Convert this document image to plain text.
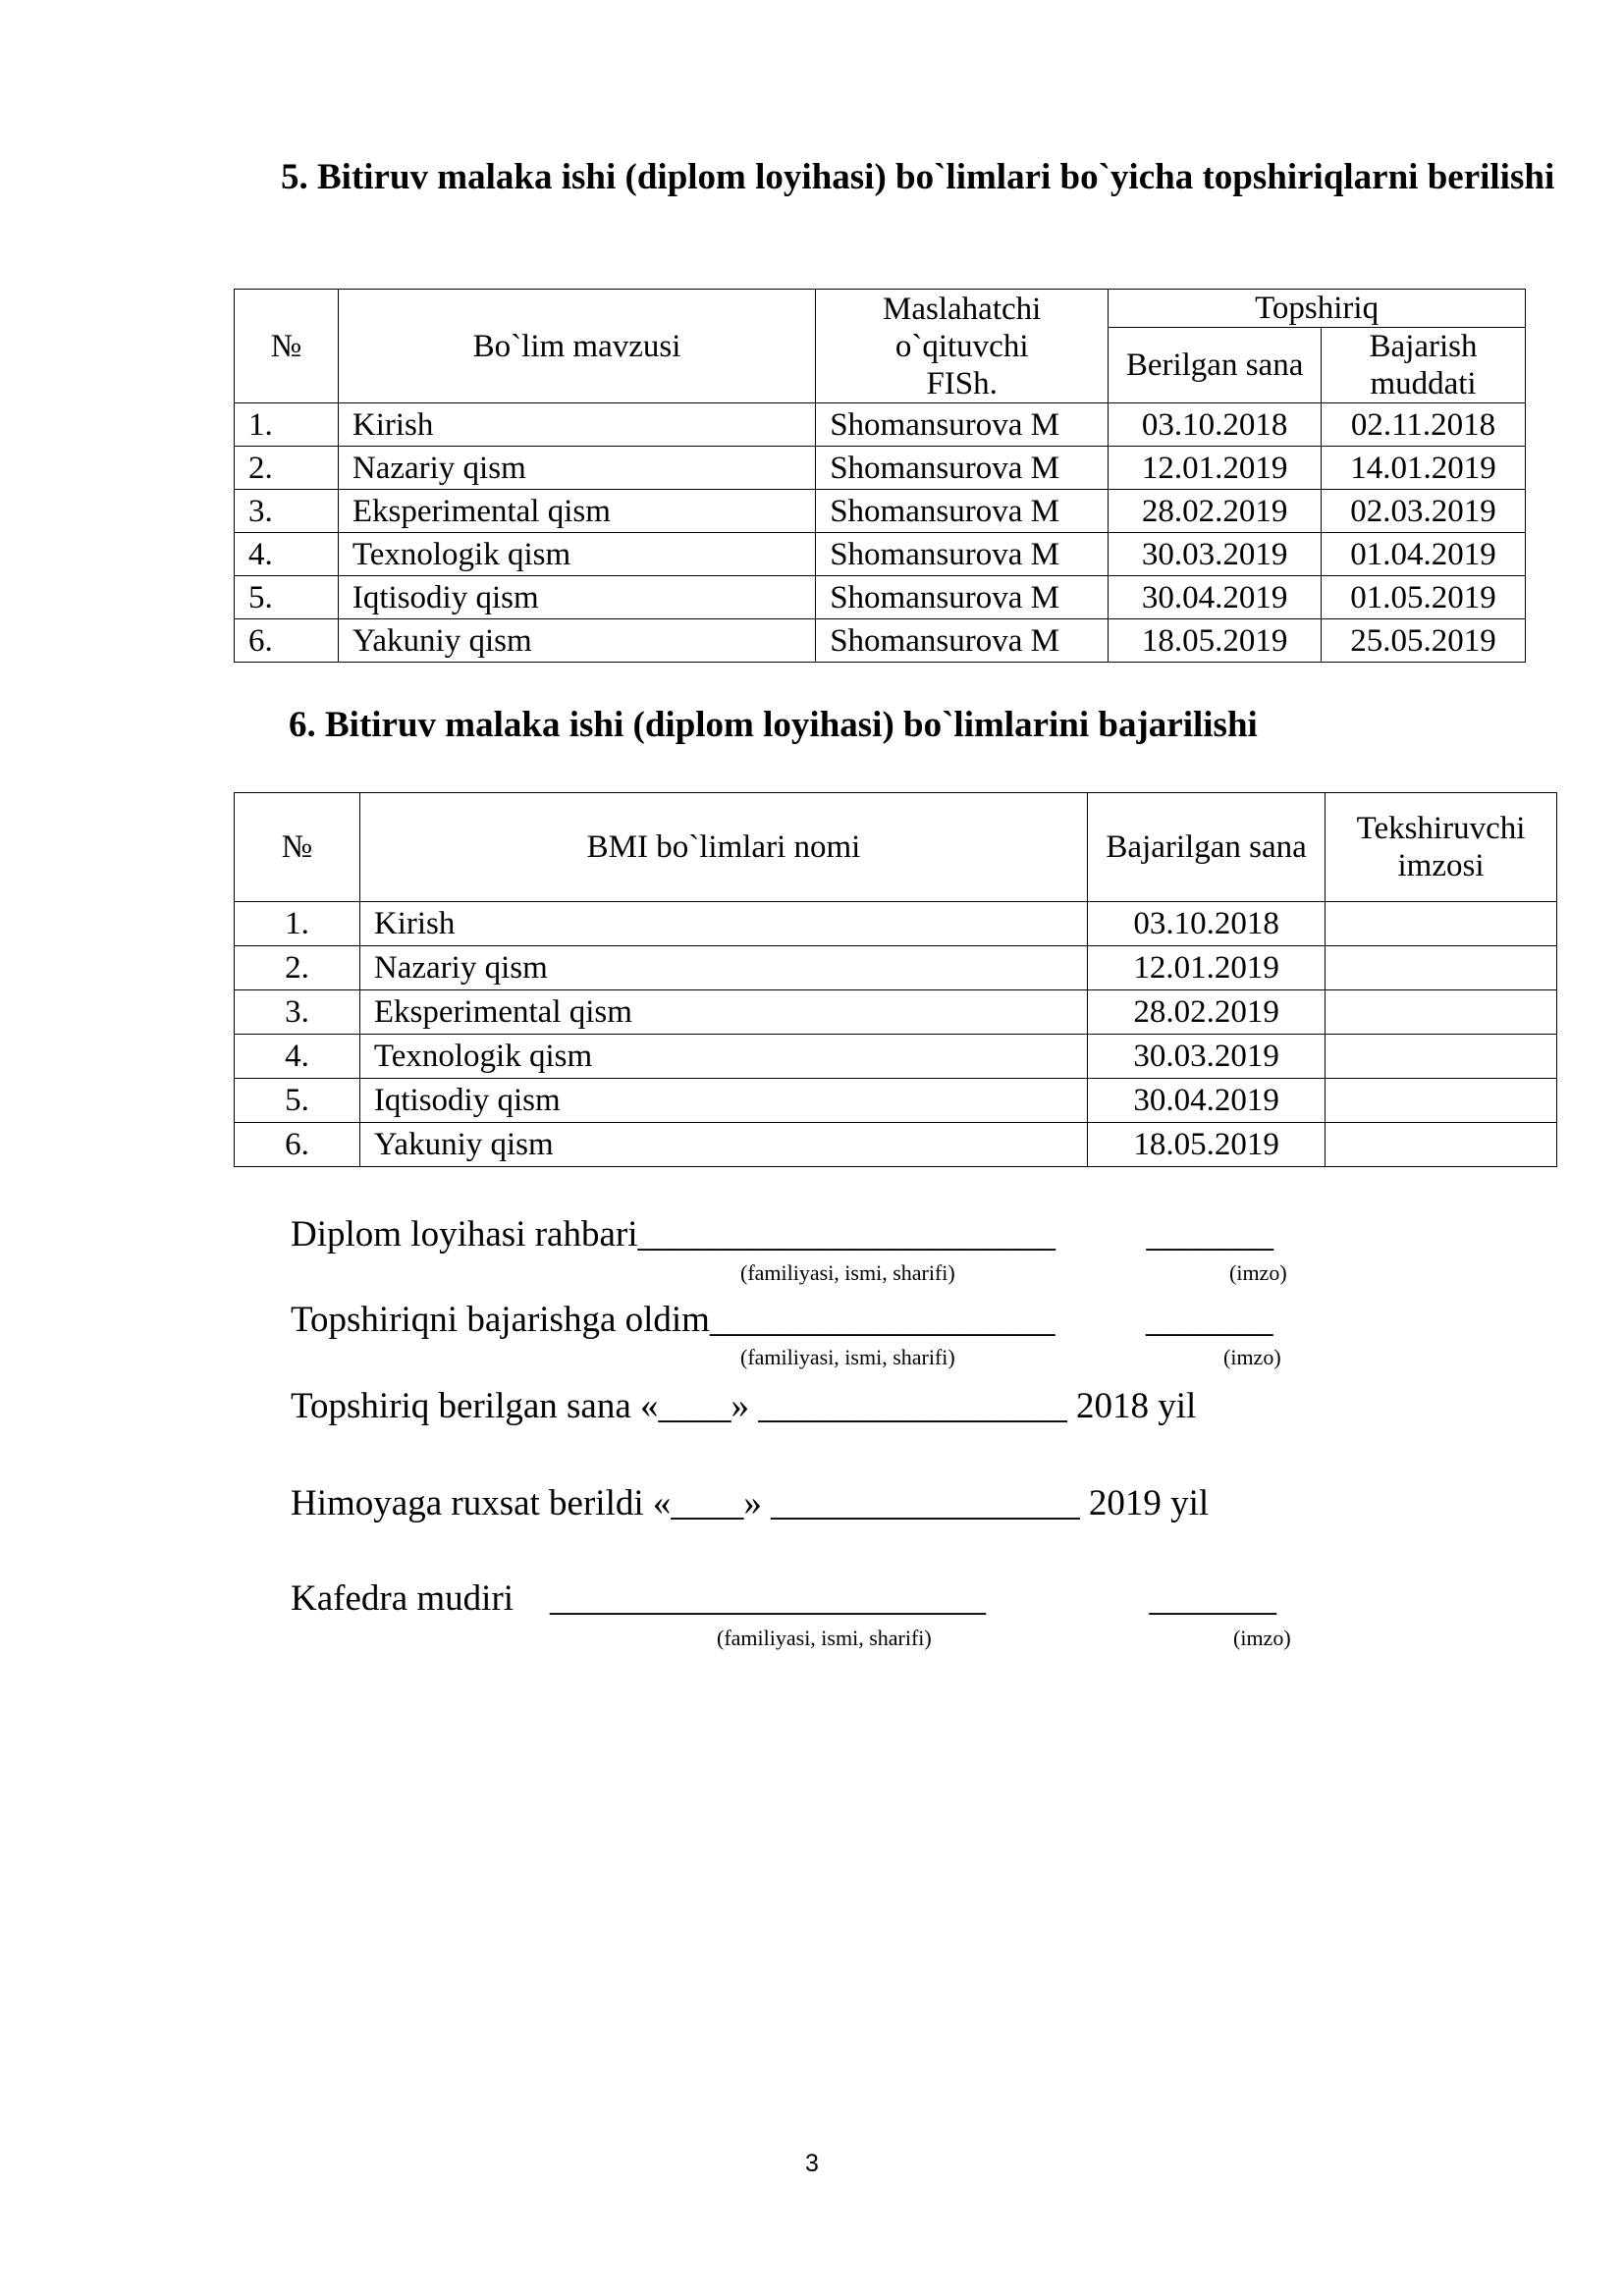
5. Bitiruv malaka ishi (diplom loyihasi) bo`limlari bo`yicha topshiriqlarni berilishi
№	Bo`lim mavzusi	Maslahatchi o`qituvchi FISh.	Topshiriq	
			Berilgan sana	Bajarish muddati
1.	Kirish	Shomansurova M	03.10.2018	02.11.2018
2.	Nazariy qism	Shomansurova M	12.01.2019	14.01.2019
3.	Eksperimental qism	Shomansurova M	28.02.2019	02.03.2019
4.	Texnologik qism	Shomansurova M	30.03.2019	01.04.2019
5.	Iqtisodiy qism	Shomansurova M	30.04.2019	01.05.2019
6.	Yakuniy qism	Shomansurova M	18.05.2019	25.05.2019
6. Bitiruv malaka ishi (diplom loyihasi) bo`limlarini bajarilishi
№	BMI bo`limlari nomi	Bajarilgan sana	Tekshiruvchi imzosi
1.	Kirish	03.10.2018	
2.	Nazariy qism	12.01.2019	
3.	Eksperimental qism	28.02.2019	
4.	Texnologik qism	30.03.2019	
5.	Iqtisodiy qism	30.04.2019	
6.	Yakuniy qism	18.05.2019	
Diplom loyihasi rahbari_______________________          _______
(familiyasi, ismi, sharifi)	(imzo)
Topshiriqni bajarishga oldim___________________          _______
(familiyasi, ismi, sharifi)	(imzo)
Topshiriq berilgan sana «____» ________​_________ 2018 yil
Himoyaga ruxsat berildi «____» _________________ 2019 yil
Kafedra mudiri    ________________________                  _______
(familiyasi, ismi, sharifi)	(imzo)
3
